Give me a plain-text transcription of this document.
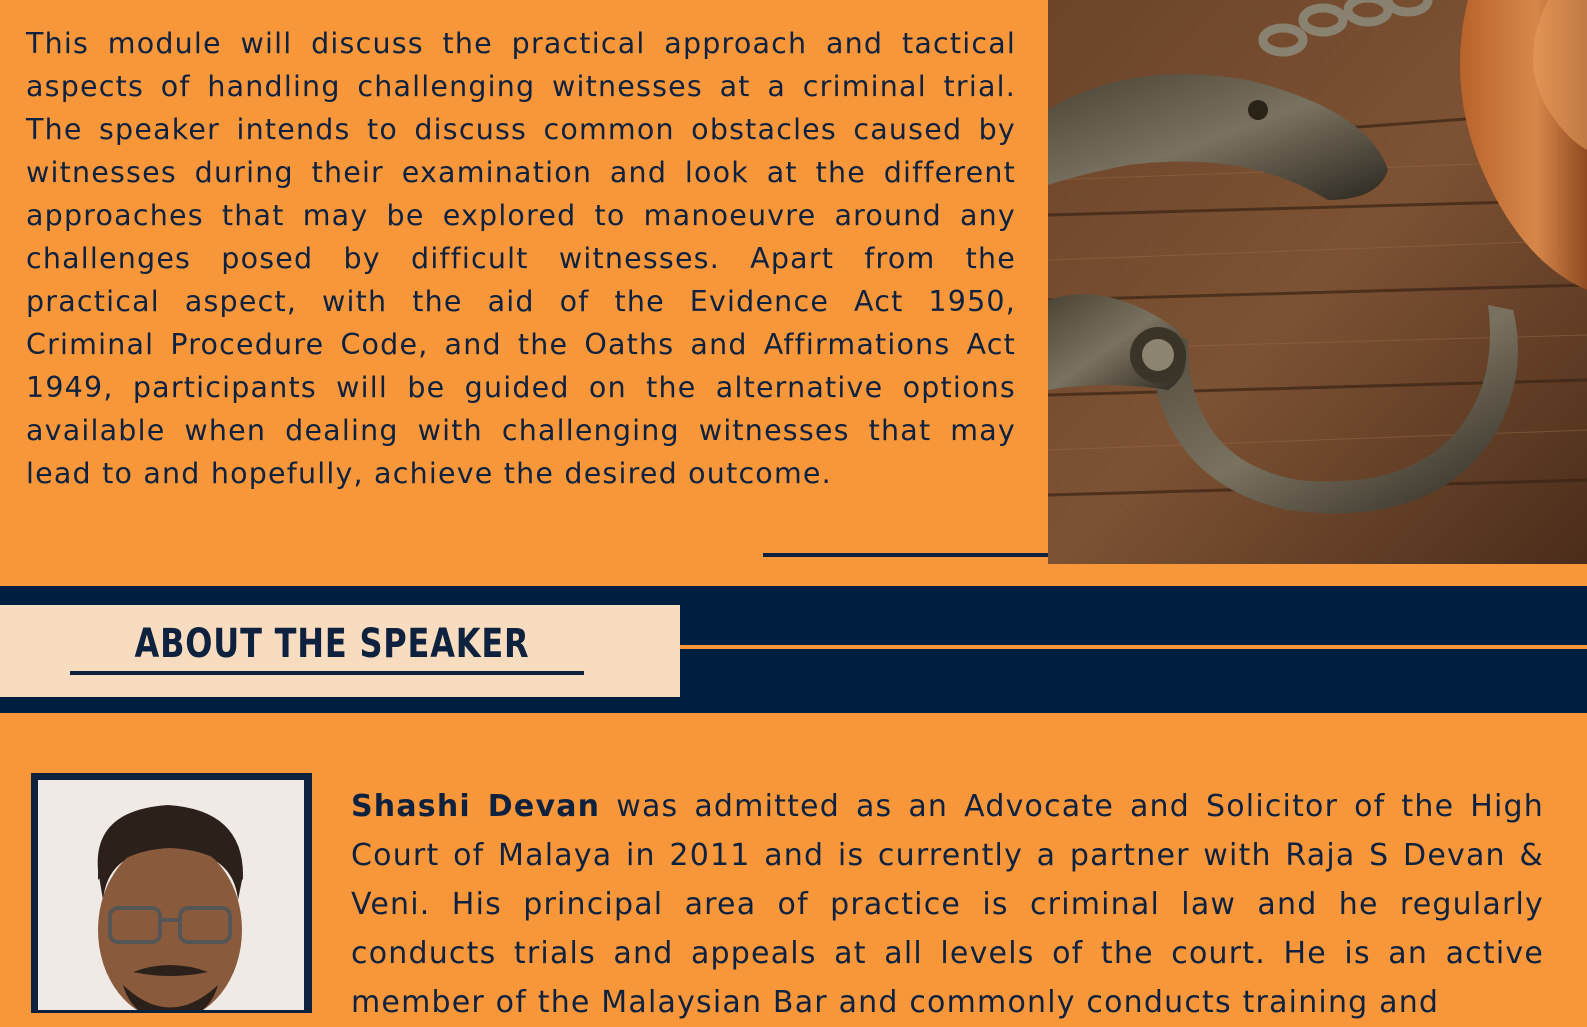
This module will discuss the practical approach and tactical aspects of handling challenging witnesses at a criminal trial. The speaker intends to discuss common obstacles caused by witnesses during their examination and look at the different approaches that may be explored to manoeuvre around any challenges posed by difficult witnesses. Apart from the practical aspect, with the aid of the Evidence Act 1950, Criminal Procedure Code, and the Oaths and Affirmations Act 1949, participants will be guided on the alternative options available when dealing with challenging witnesses that may lead to and hopefully, achieve the desired outcome.

ABOUT THE SPEAKER

Shashi Devan was admitted as an Advocate and Solicitor of the High Court of Malaya in 2011 and is currently a partner with Raja S Devan & Veni. His principal area of practice is criminal law and he regularly conducts trials and appeals at all levels of the court. He is an active member of the Malaysian Bar and commonly conducts training and
